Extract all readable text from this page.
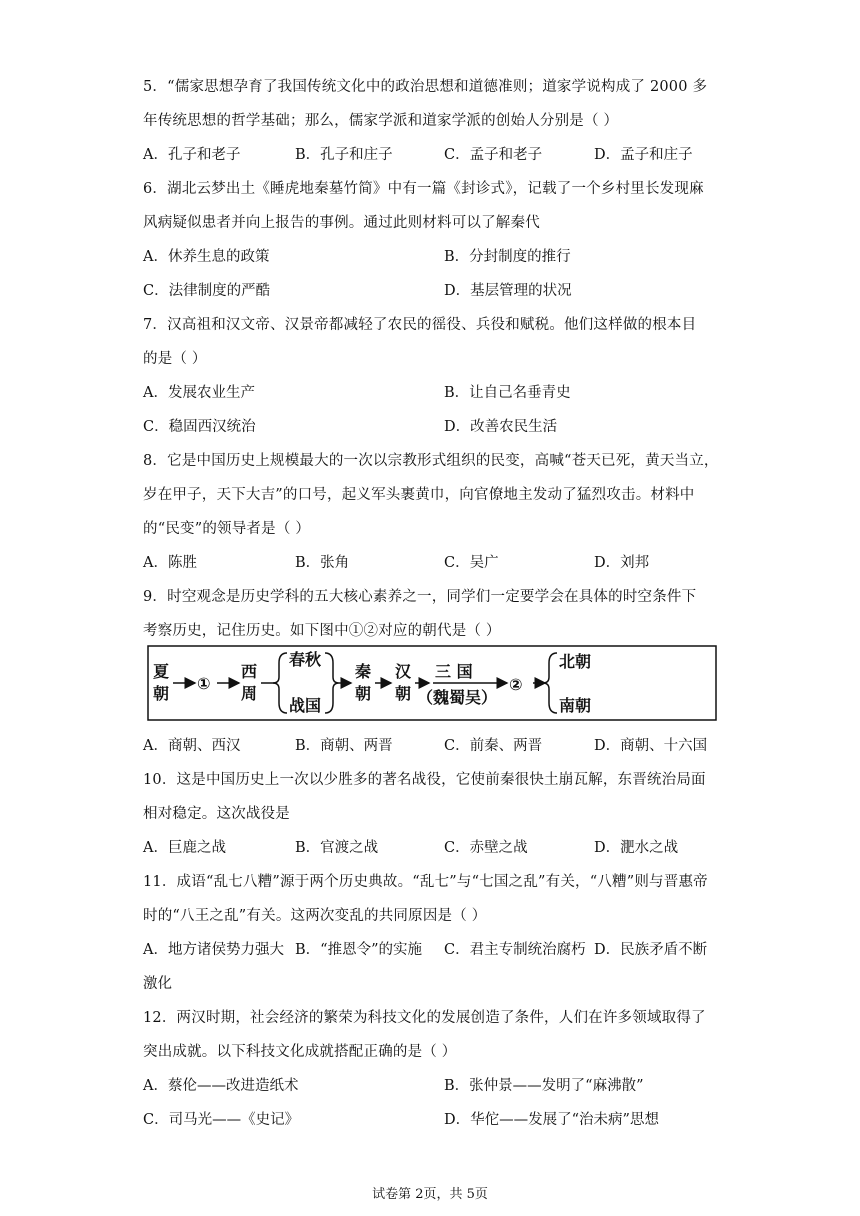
5．“儒家思想孕育了我国传统文化中的政治思想和道德准则；道家学说构成了 2000 多
年传统思想的哲学基础；那么，儒家学派和道家学派的创始人分别是（ ）
A．孔子和老子	B．孔子和庄子	C．孟子和老子	D．孟子和庄子
6．湖北云梦出土《睡虎地秦墓竹简》中有一篇《封诊式》，记载了一个乡村里长发现麻
风病疑似患者并向上报告的事例。通过此则材料可以了解秦代
A．休养生息的政策	B．分封制度的推行
C．法律制度的严酷	D．基层管理的状况
7．汉高祖和汉文帝、汉景帝都减轻了农民的徭役、兵役和赋税。他们这样做的根本目
的是（ ）
A．发展农业生产	B．让自己名垂青史
C．稳固西汉统治	D．改善农民生活
8．它是中国历史上规模最大的一次以宗教形式组织的民变，高喊“苍天已死，黄天当立，
岁在甲子，天下大吉”的口号，起义军头裹黄巾，向官僚地主发动了猛烈攻击。材料中
的“民变”的领导者是（ ）
A．陈胜	B．张角	C．吴广	D．刘邦
9．时空观念是历史学科的五大核心素养之一，同学们一定要学会在具体的时空条件下
考察历史，记住历史。如下图中①②对应的朝代是（ ）
夏
朝
①
西
周
春秋
战国
秦
朝
汉
朝
三 国
（魏蜀吴）
②
北朝
南朝
A．商朝、西汉	B．商朝、两晋	C．前秦、两晋	D．商朝、十六国
10．这是中国历史上一次以少胜多的著名战役，它使前秦很快土崩瓦解，东晋统治局面
相对稳定。这次战役是
A．巨鹿之战	B．官渡之战	C．赤壁之战	D．淝水之战
11．成语“乱七八糟”源于两个历史典故。“乱七”与“七国之乱”有关，“八糟”则与晋惠帝
时的“八王之乱”有关。这两次变乱的共同原因是（ ）
A．地方诸侯势力强大 B．“推恩令”的实施 C．君主专制统治腐朽 D．民族矛盾不断
激化
12．两汉时期，社会经济的繁荣为科技文化的发展创造了条件，人们在许多领域取得了
突出成就。以下科技文化成就搭配正确的是（ ）
A．蔡伦——改进造纸术	B．张仲景——发明了“麻沸散”
C．司马光——《史记》	D．华佗——发展了“治未病”思想
试卷第 2页，共 5页
